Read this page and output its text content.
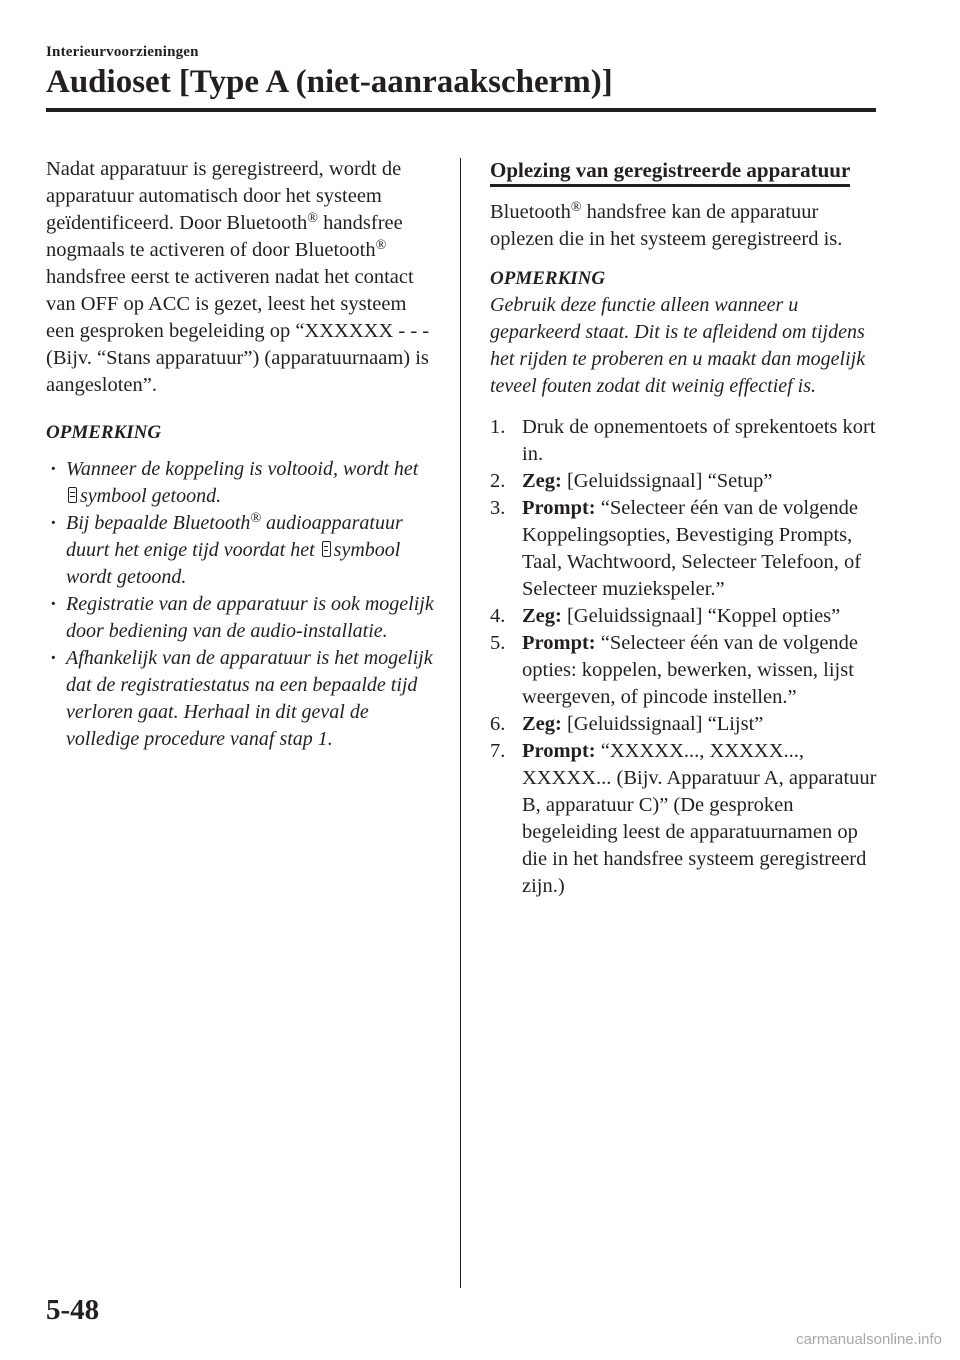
Interieurvoorzieningen
Audioset [Type A (niet-aanraakscherm)]

Nadat apparatuur is geregistreerd, wordt de apparatuur automatisch door het systeem geïdentificeerd. Door Bluetooth® handsfree nogmaals te activeren of door Bluetooth® handsfree eerst te activeren nadat het contact van OFF op ACC is gezet, leest het systeem een gesproken begeleiding op “XXXXXX - - - (Bijv. “Stans apparatuur”) (apparatuurnaam) is aangesloten”.

OPMERKING

· Wanneer de koppeling is voltooid, wordt het symbool getoond.
· Bij bepaalde Bluetooth® audioapparatuur duurt het enige tijd voordat het symbool wordt getoond.
· Registratie van de apparatuur is ook mogelijk door bediening van de audio-installatie.
· Afhankelijk van de apparatuur is het mogelijk dat de registratiestatus na een bepaalde tijd verloren gaat. Herhaal in dit geval de volledige procedure vanaf stap 1.
Oplezing van geregistreerde apparatuur

Bluetooth® handsfree kan de apparatuur oplezen die in het systeem geregistreerd is.

OPMERKING

Gebruik deze functie alleen wanneer u geparkeerd staat. Dit is te afleidend om tijdens het rijden te proberen en u maakt dan mogelijk teveel fouten zodat dit weinig effectief is.

1. Druk de opnementoets of sprekentoets kort in.
2. Zeg: [Geluidssignaal] “Setup”
3. Prompt: “Selecteer één van de volgende Koppelingsopties, Bevestiging Prompts, Taal, Wachtwoord, Selecteer Telefoon, of Selecteer muziekspeler.”
4. Zeg: [Geluidssignaal] “Koppel opties”
5. Prompt: “Selecteer één van de volgende opties: koppelen, bewerken, wissen, lijst weergeven, of pincode instellen.”
6. Zeg: [Geluidssignaal] “Lijst”
7. Prompt: “XXXXX..., XXXXX..., XXXXX... (Bijv. Apparatuur A, apparatuur B, apparatuur C)” (De gesproken begeleiding leest de apparatuurnamen op die in het handsfree systeem geregistreerd zijn.)
5-48
carmanualsonline.info
